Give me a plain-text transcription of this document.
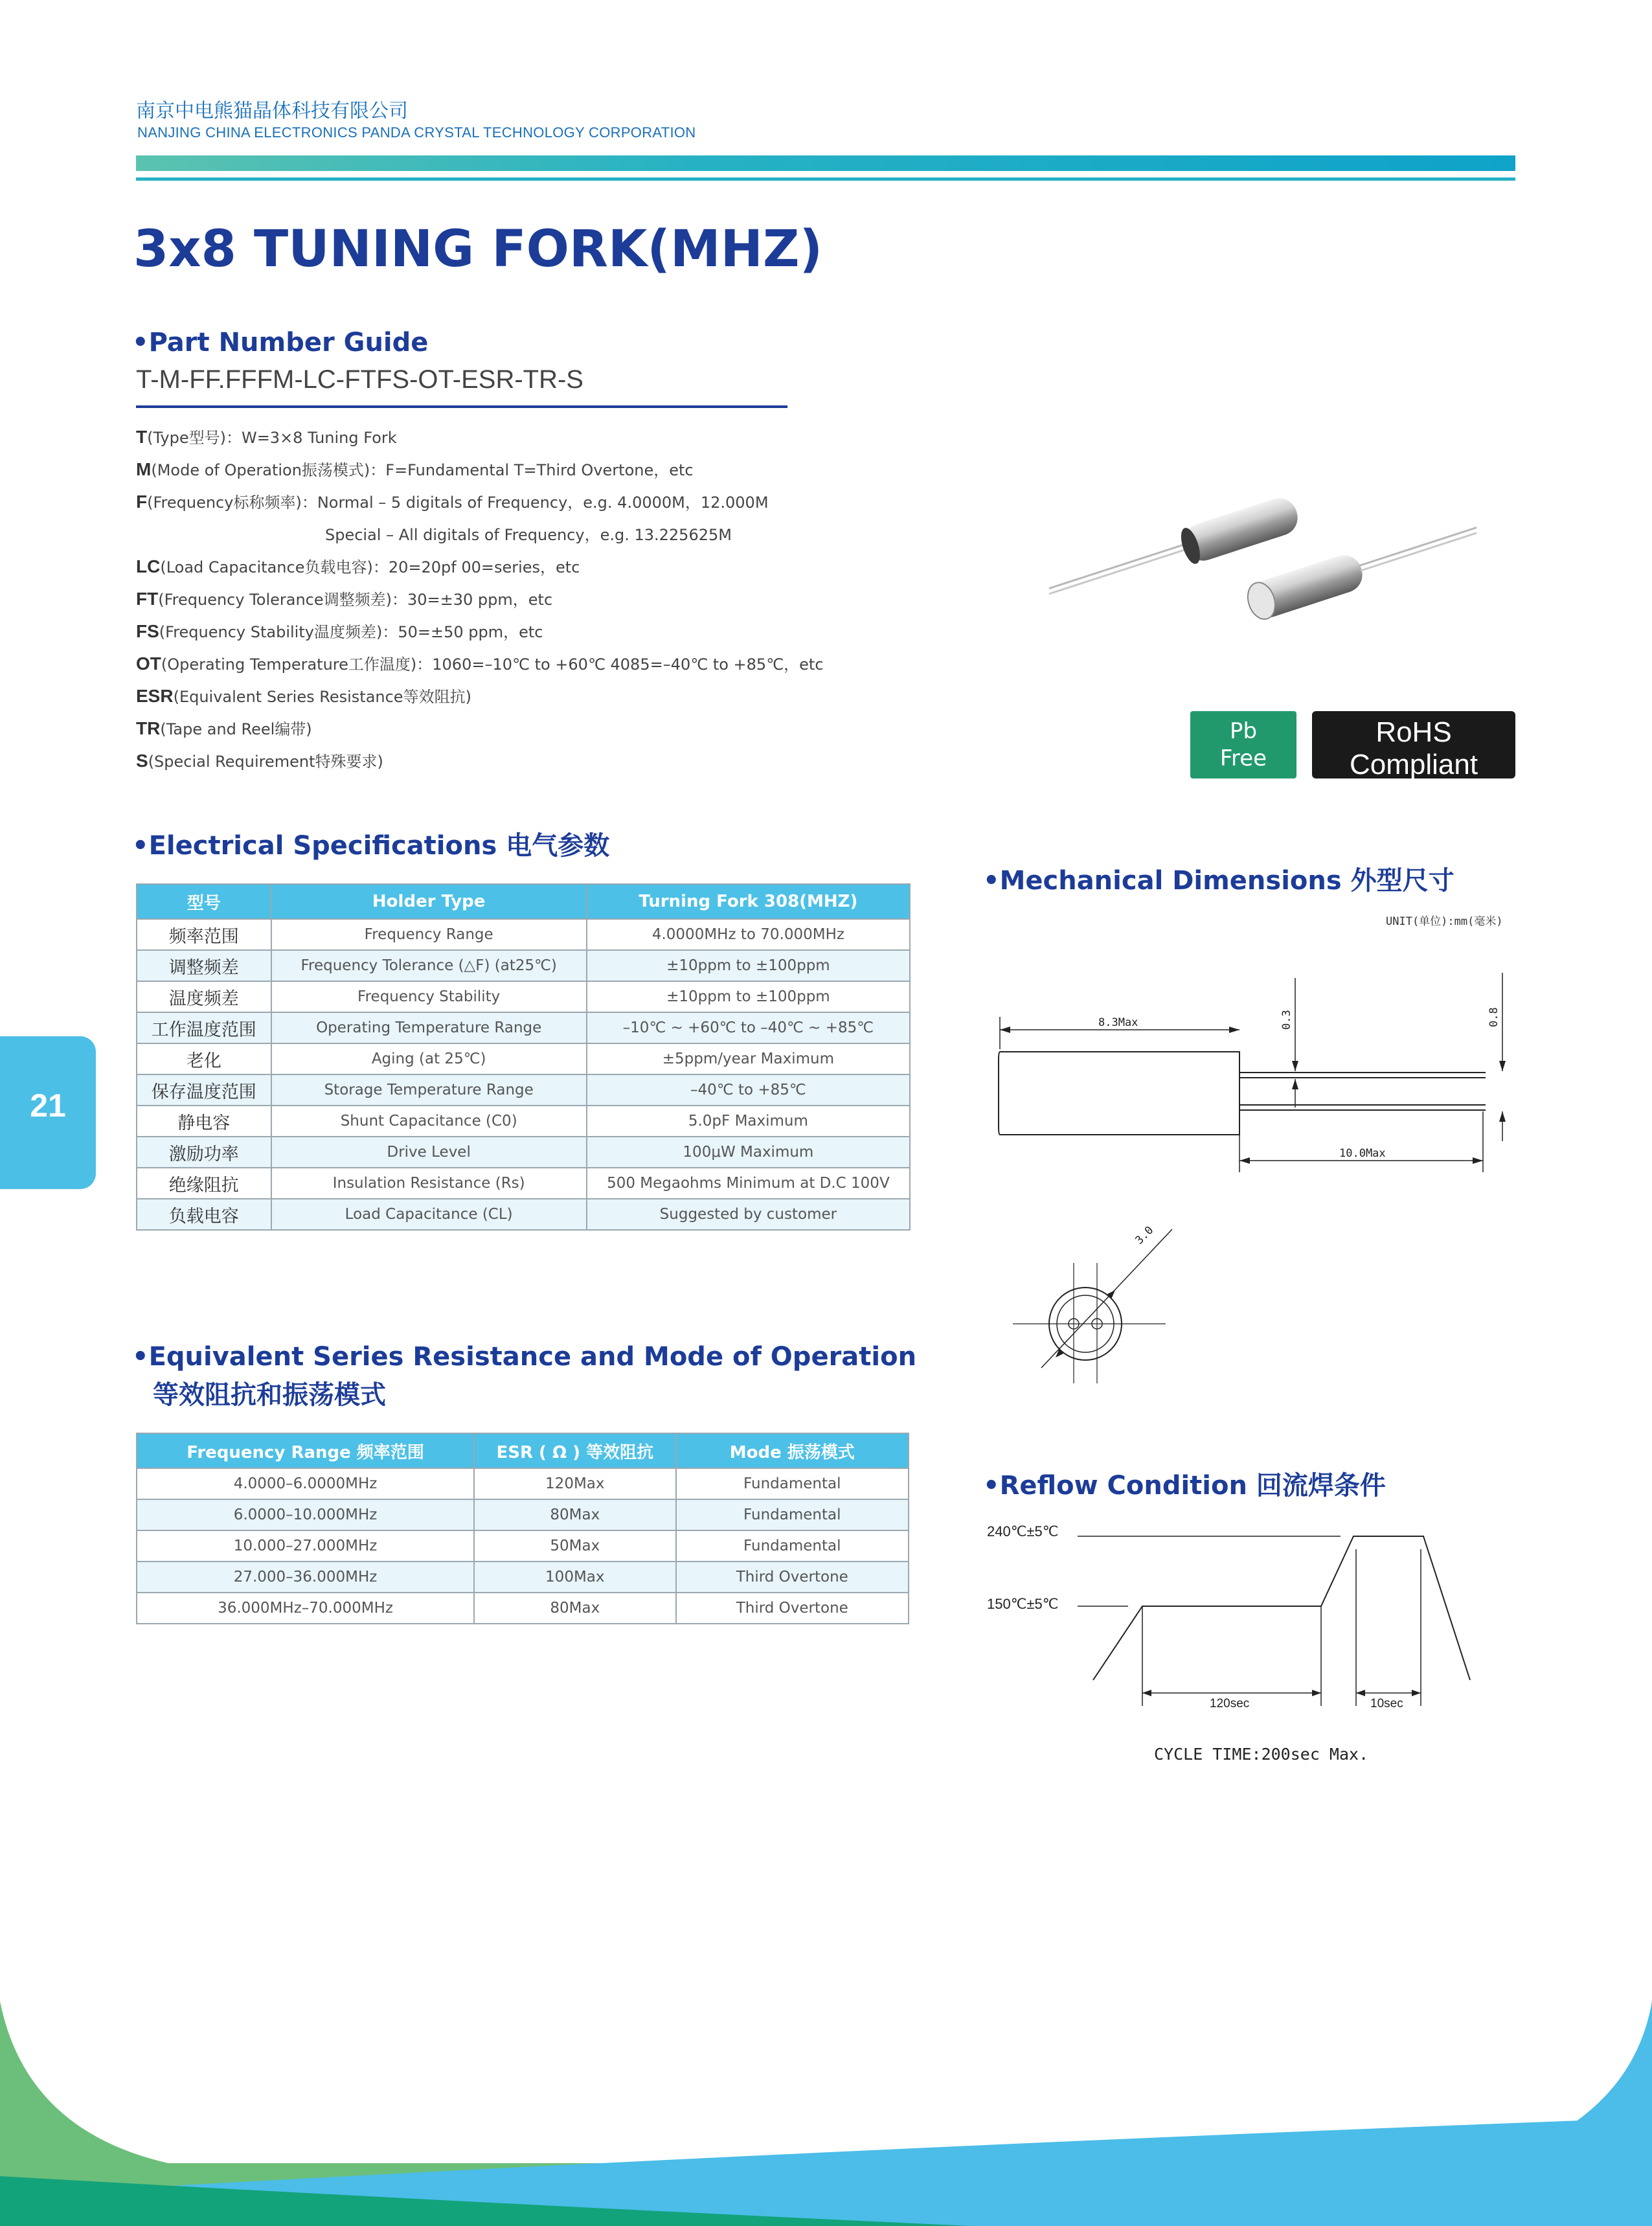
南京中电熊猫晶体科技有限公司
NANJING CHINA ELECTRONICS PANDA CRYSTAL TECHNOLOGY CORPORATION
3x8 TUNING FORK(MHZ)
•Part Number Guide
T-M-FF.FFFM-LC-FTFS-OT-ESR-TR-S
T(Type型号)：W=3×8 Tuning Fork
M(Mode of Operation振荡模式)：F=Fundamental T=Third Overtone，etc
F(Frequency标称频率)：Normal – 5 digitals of Frequency，e.g. 4.0000M，12.000M
Special – All digitals of Frequency，e.g. 13.225625M
LC(Load Capacitance负载电容)：20=20pf 00=series，etc
FT(Frequency Tolerance调整频差)：30=±30 ppm，etc
FS(Frequency Stability温度频差)：50=±50 ppm，etc
OT(Operating Temperature工作温度)：1060=–10℃ to +60℃ 4085=–40℃ to +85℃，etc
ESR(Equivalent Series Resistance等效阻抗)
TR(Tape and Reel编带)
S(Special Requirement特殊要求)
Pb
Free
RoHS Compliant
Directive 2002/95/EC
21
•Electrical Specifications 电气参数
型号	Holder Type	Turning Fork 308(MHZ)
频率范围	Frequency Range	4.0000MHz to 70.000MHz
调整频差	Frequency Tolerance (△F) (at25℃)	±10ppm to ±100ppm
温度频差	Frequency Stability	±10ppm to ±100ppm
工作温度范围	Operating Temperature Range	–10℃ ~ +60℃ to –40℃ ~ +85℃
老化	Aging (at 25℃)	±5ppm/year Maximum
保存温度范围	Storage Temperature Range	–40℃ to +85℃
静电容	Shunt Capacitance (C0)	5.0pF Maximum
激励功率	Drive Level	100μW Maximum
绝缘阻抗	Insulation Resistance (Rs)	500 Megaohms Minimum at D.C 100V
负载电容	Load Capacitance (CL)	Suggested by customer
•Equivalent Series Resistance and Mode of Operation
等效阻抗和振荡模式
Frequency Range 频率范围	ESR ( Ω ) 等效阻抗	Mode 振荡模式
4.0000–6.0000MHz	120Max	Fundamental
6.0000–10.000MHz	80Max	Fundamental
10.000–27.000MHz	50Max	Fundamental
27.000–36.000MHz	100Max	Third Overtone
36.000MHz–70.000MHz	80Max	Third Overtone
•Mechanical Dimensions 外型尺寸
UNIT(单位):mm(毫米)
8.3Max
10.0Max
0.3	0.8
3.0
•Reflow Condition 回流焊条件
240℃±5℃
150℃±5℃
120sec	10sec
CYCLE TIME:200sec Max.
